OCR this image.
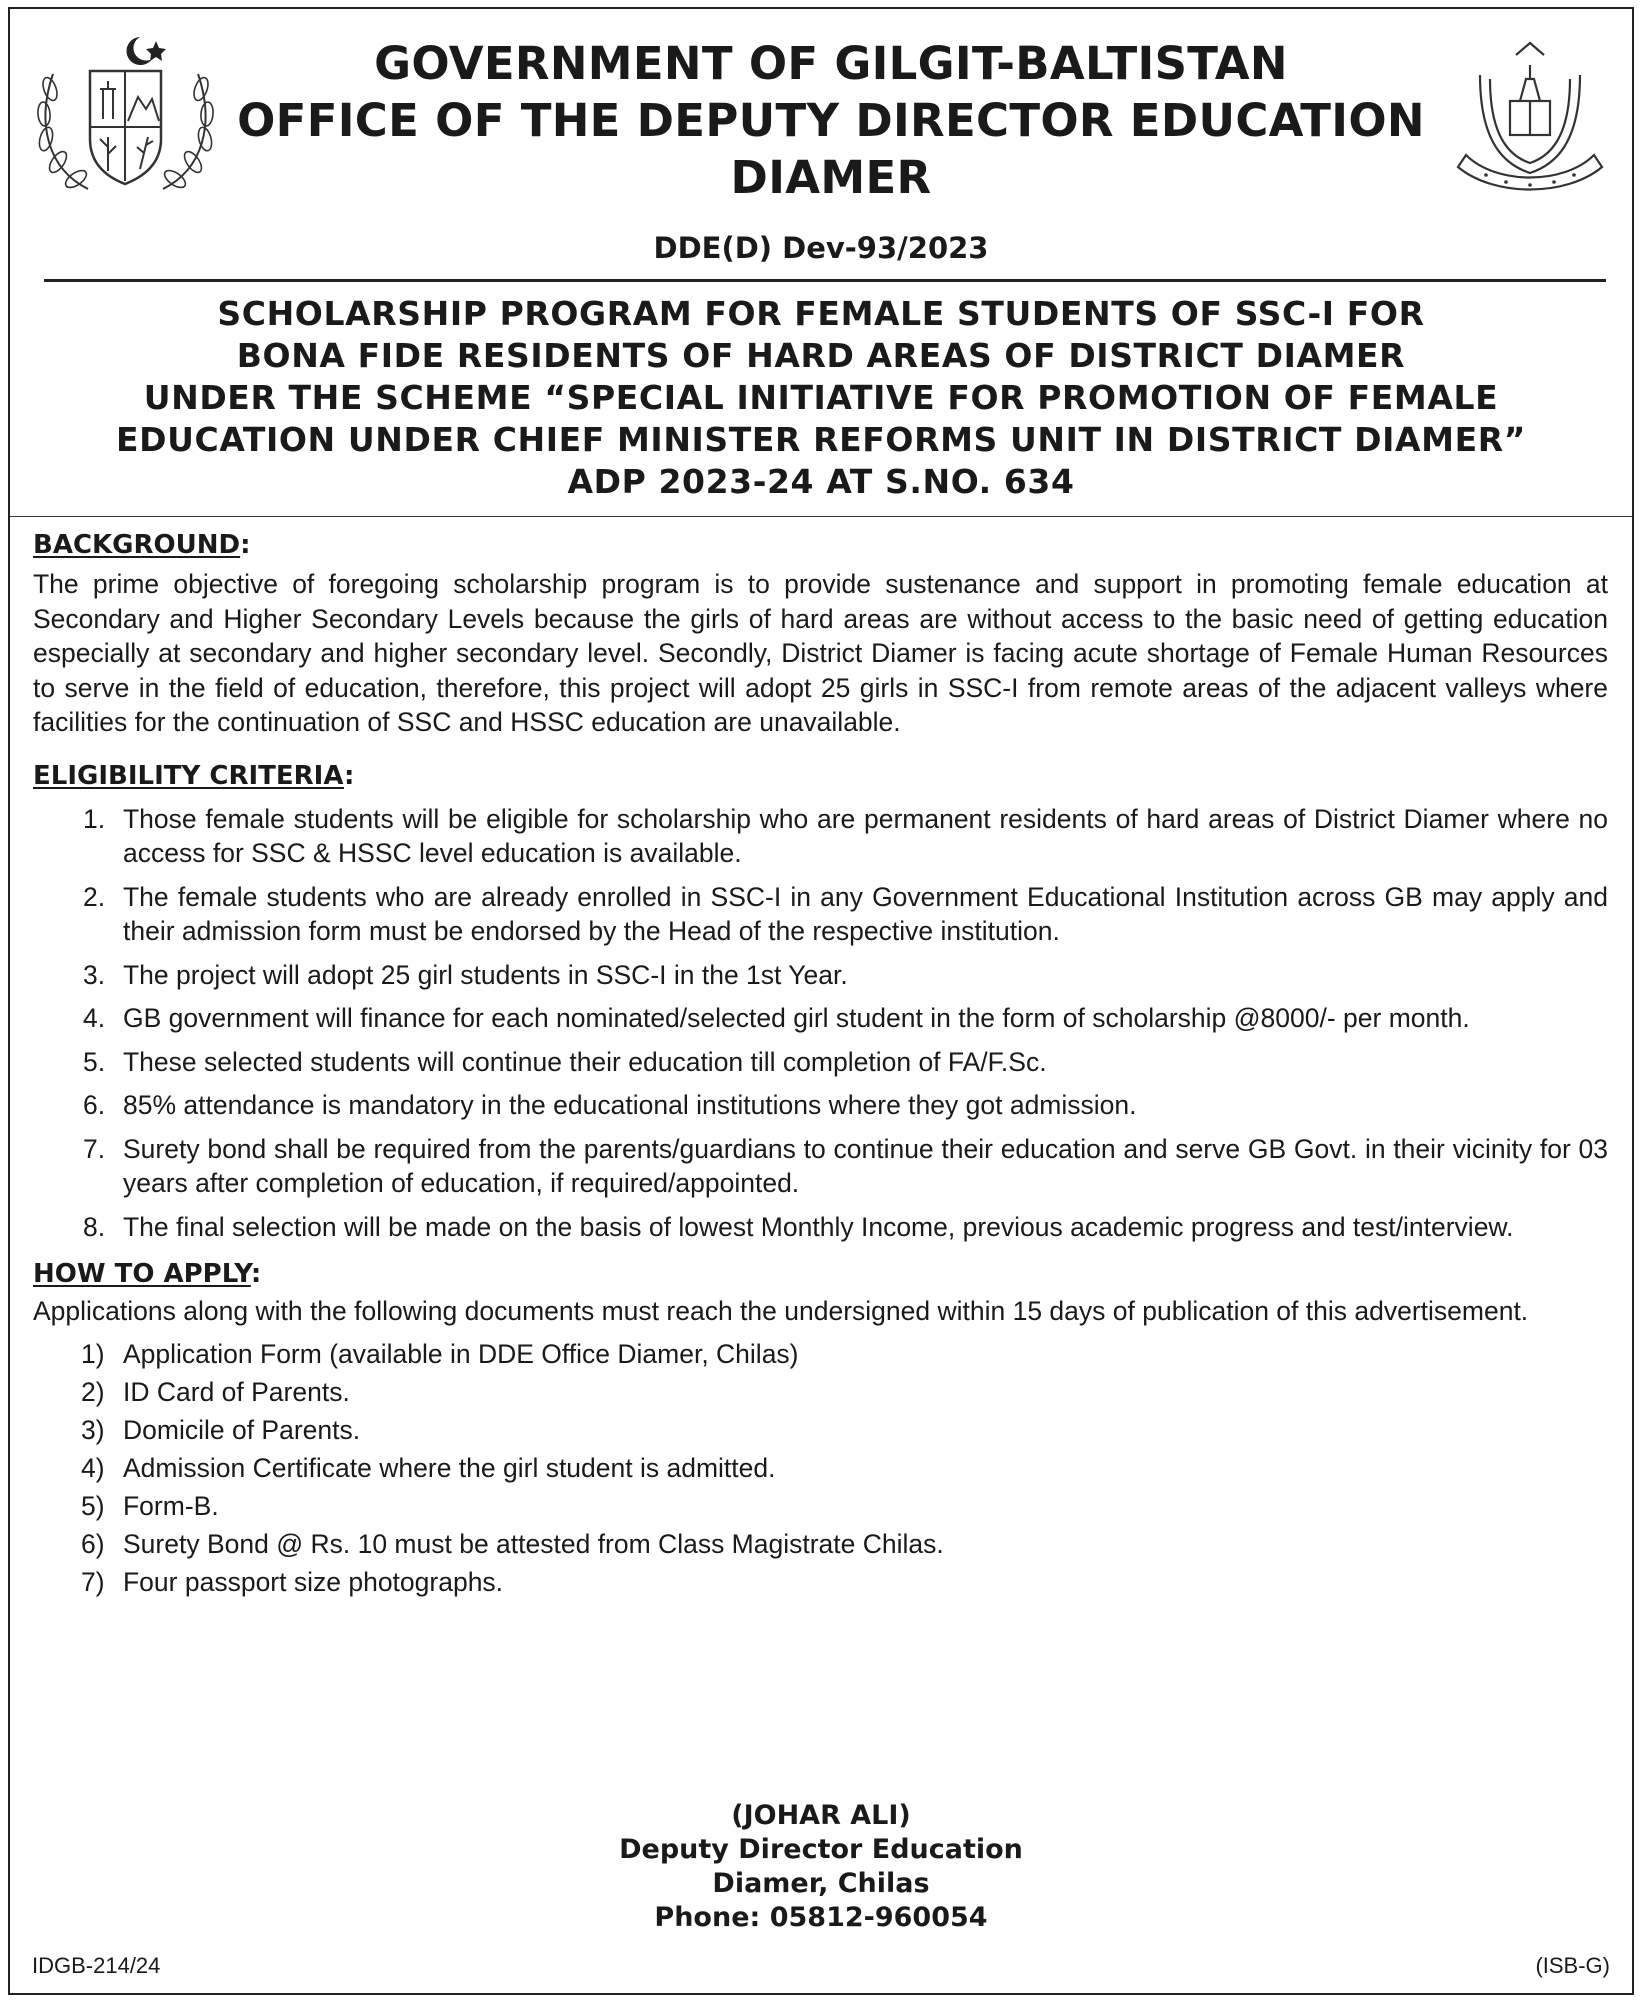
GOVERNMENT OF GILGIT-BALTISTAN
OFFICE OF THE DEPUTY DIRECTOR EDUCATION
DIAMER
DDE(D) Dev-93/2023
SCHOLARSHIP PROGRAM FOR FEMALE STUDENTS OF SSC-I FOR
BONA FIDE RESIDENTS OF HARD AREAS OF DISTRICT DIAMER
UNDER THE SCHEME “SPECIAL INITIATIVE FOR PROMOTION OF FEMALE
EDUCATION UNDER CHIEF MINISTER REFORMS UNIT IN DISTRICT DIAMER”
ADP 2023-24 AT S.NO. 634

BACKGROUND:

The prime objective of foregoing scholarship program is to provide sustenance and support in promoting female education at Secondary and Higher Secondary Levels because the girls of hard areas are without access to the basic need of getting education especially at secondary and higher secondary level. Secondly, District Diamer is facing acute shortage of Female Human Resources to serve in the field of education, therefore, this project will adopt 25 girls in SSC-I from remote areas of the adjacent valleys where facilities for the continuation of SSC and HSSC education are unavailable.

ELIGIBILITY CRITERIA:

1. Those female students will be eligible for scholarship who are permanent residents of hard areas of District Diamer where no access for SSC & HSSC level education is available.
2. The female students who are already enrolled in SSC-I in any Government Educational Institution across GB may apply and their admission form must be endorsed by the Head of the respective institution.
3. The project will adopt 25 girl students in SSC-I in the 1st Year.
4. GB government will finance for each nominated/selected girl student in the form of scholarship @8000/- per month.
5. These selected students will continue their education till completion of FA/F.Sc.
6. 85% attendance is mandatory in the educational institutions where they got admission.
7. Surety bond shall be required from the parents/guardians to continue their education and serve GB Govt. in their vicinity for 03 years after completion of education, if required/appointed.
8. The final selection will be made on the basis of lowest Monthly Income, previous academic progress and test/interview.

HOW TO APPLY:

Applications along with the following documents must reach the undersigned within 15 days of publication of this advertisement.

1) Application Form (available in DDE Office Diamer, Chilas)
2) ID Card of Parents.
3) Domicile of Parents.
4) Admission Certificate where the girl student is admitted.
5) Form-B.
6) Surety Bond @ Rs. 10 must be attested from Class Magistrate Chilas.
7) Four passport size photographs.
(JOHAR ALI)
Deputy Director Education
Diamer, Chilas
Phone: 05812-960054
IDGB-214/24	(ISB-G)
